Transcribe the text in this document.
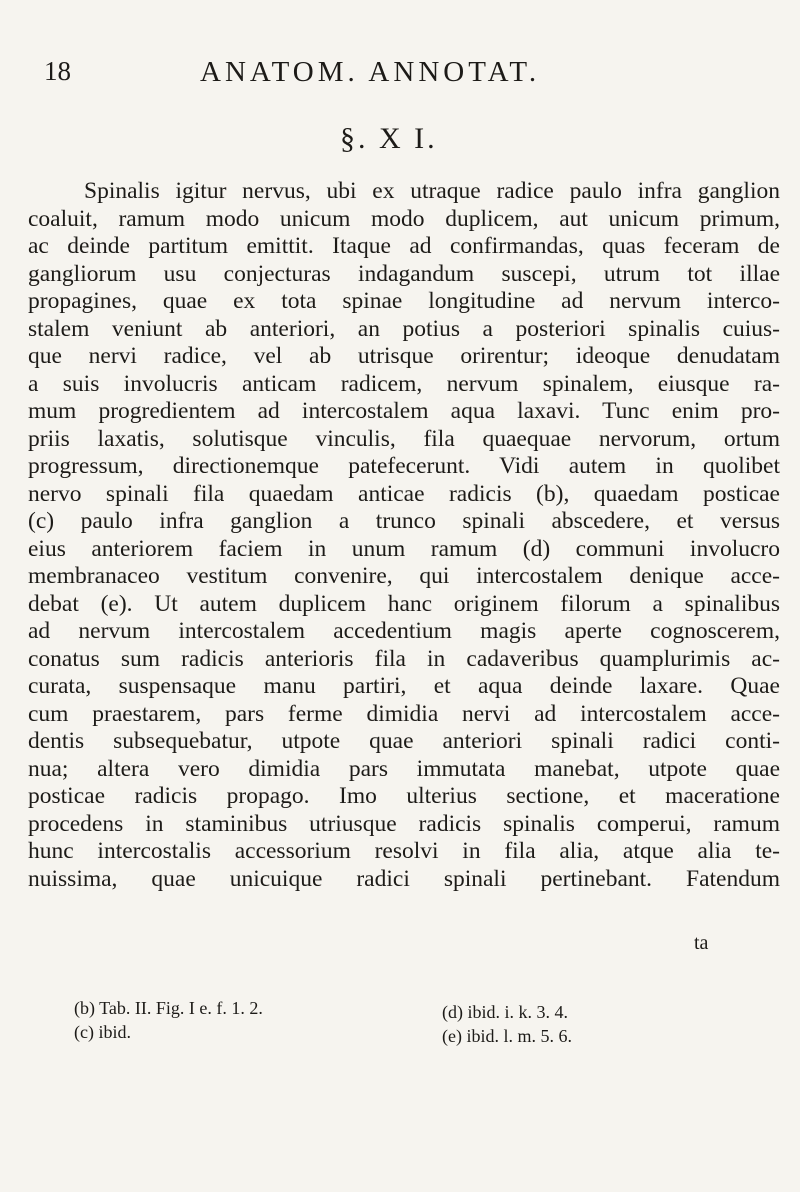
18	ANATOM. ANNOTAT.
§. X I.
Spinalis igitur nervus, ubi ex utraque radice paulo infra ganglion
coaluit, ramum modo unicum modo duplicem, aut unicum primum,
ac deinde partitum emittit. Itaque ad confirmandas, quas feceram de
gangliorum usu conjecturas indagandum suscepi, utrum tot illae
propagines, quae ex tota spinae longitudine ad nervum interco-
stalem veniunt ab anteriori, an potius a posteriori spinalis cuius-
que nervi radice, vel ab utrisque orirentur; ideoque denudatam
a suis involucris anticam radicem, nervum spinalem, eiusque ra-
mum progredientem ad intercostalem aqua laxavi. Tunc enim pro-
priis laxatis, solutisque vinculis, fila quaequae nervorum, ortum
progressum, directionemque patefecerunt. Vidi autem in quolibet
nervo spinali fila quaedam anticae radicis (b), quaedam posticae
(c) paulo infra ganglion a trunco spinali abscedere, et versus
eius anteriorem faciem in unum ramum (d) communi involucro
membranaceo vestitum convenire, qui intercostalem denique acce-
debat (e). Ut autem duplicem hanc originem filorum a spinalibus
ad nervum intercostalem accedentium magis aperte cognoscerem,
conatus sum radicis anterioris fila in cadaveribus quamplurimis ac-
curata, suspensaque manu partiri, et aqua deinde laxare. Quae
cum praestarem, pars ferme dimidia nervi ad intercostalem acce-
dentis subsequebatur, utpote quae anteriori spinali radici conti-
nua; altera vero dimidia pars immutata manebat, utpote quae
posticae radicis propago. Imo ulterius sectione, et maceratione
procedens in staminibus utriusque radicis spinalis comperui, ramum
hunc intercostalis accessorium resolvi in fila alia, atque alia te-
nuissima, quae unicuique radici spinali pertinebant. Fatendum
ta
(b) Tab. II. Fig. I e. f. 1. 2.
(c) ibid.
(d) ibid. i. k. 3. 4.
(e) ibid. l. m. 5. 6.
